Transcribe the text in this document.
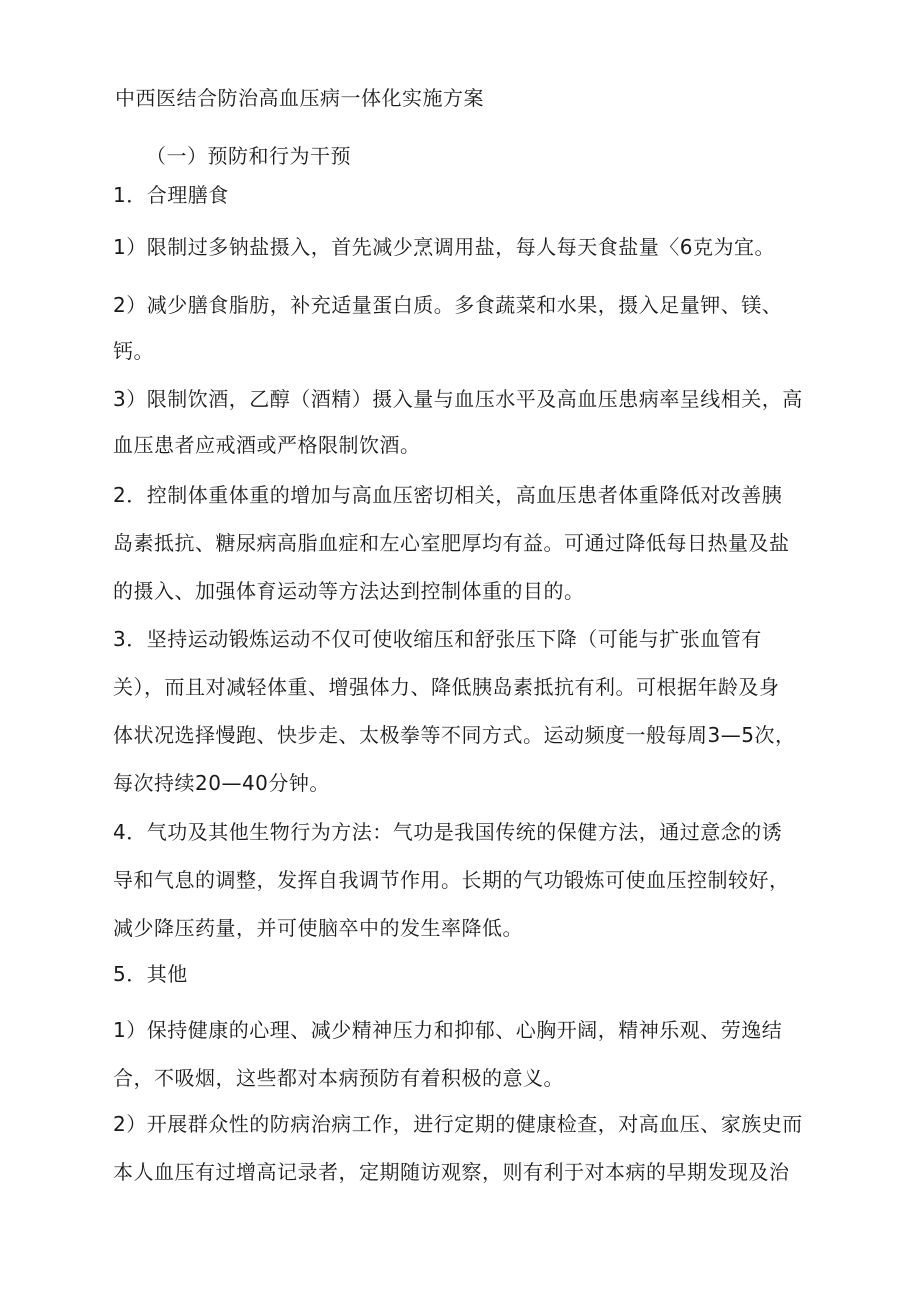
中西医结合防治高血压病一体化实施方案
（一）预防和行为干预
1．合理膳食
1）限制过多钠盐摄入，首先减少烹调用盐，每人每天食盐量〈6克为宜。
2）减少膳食脂肪，补充适量蛋白质。多食蔬菜和水果，摄入足量钾、镁、
钙。
3）限制饮酒，乙醇（酒精）摄入量与血压水平及高血压患病率呈线相关，高
血压患者应戒酒或严格限制饮酒。
2．控制体重体重的增加与高血压密切相关，高血压患者体重降低对改善胰
岛素抵抗、糖尿病高脂血症和左心室肥厚均有益。可通过降低每日热量及盐
的摄入、加强体育运动等方法达到控制体重的目的。
3．坚持运动锻炼运动不仅可使收缩压和舒张压下降（可能与扩张血管有
关），而且对减轻体重、增强体力、降低胰岛素抵抗有利。可根据年龄及身
体状况选择慢跑、快步走、太极拳等不同方式。运动频度一般每周3—5次，
每次持续20—40分钟。
4．气功及其他生物行为方法：气功是我国传统的保健方法，通过意念的诱
导和气息的调整，发挥自我调节作用。长期的气功锻炼可使血压控制较好，
减少降压药量，并可使脑卒中的发生率降低。
5．其他
1）保持健康的心理、减少精神压力和抑郁、心胸开阔，精神乐观、劳逸结
合，不吸烟，这些都对本病预防有着积极的意义。
2）开展群众性的防病治病工作，进行定期的健康检查，对高血压、家族史而
本人血压有过增高记录者，定期随访观察，则有利于对本病的早期发现及治
